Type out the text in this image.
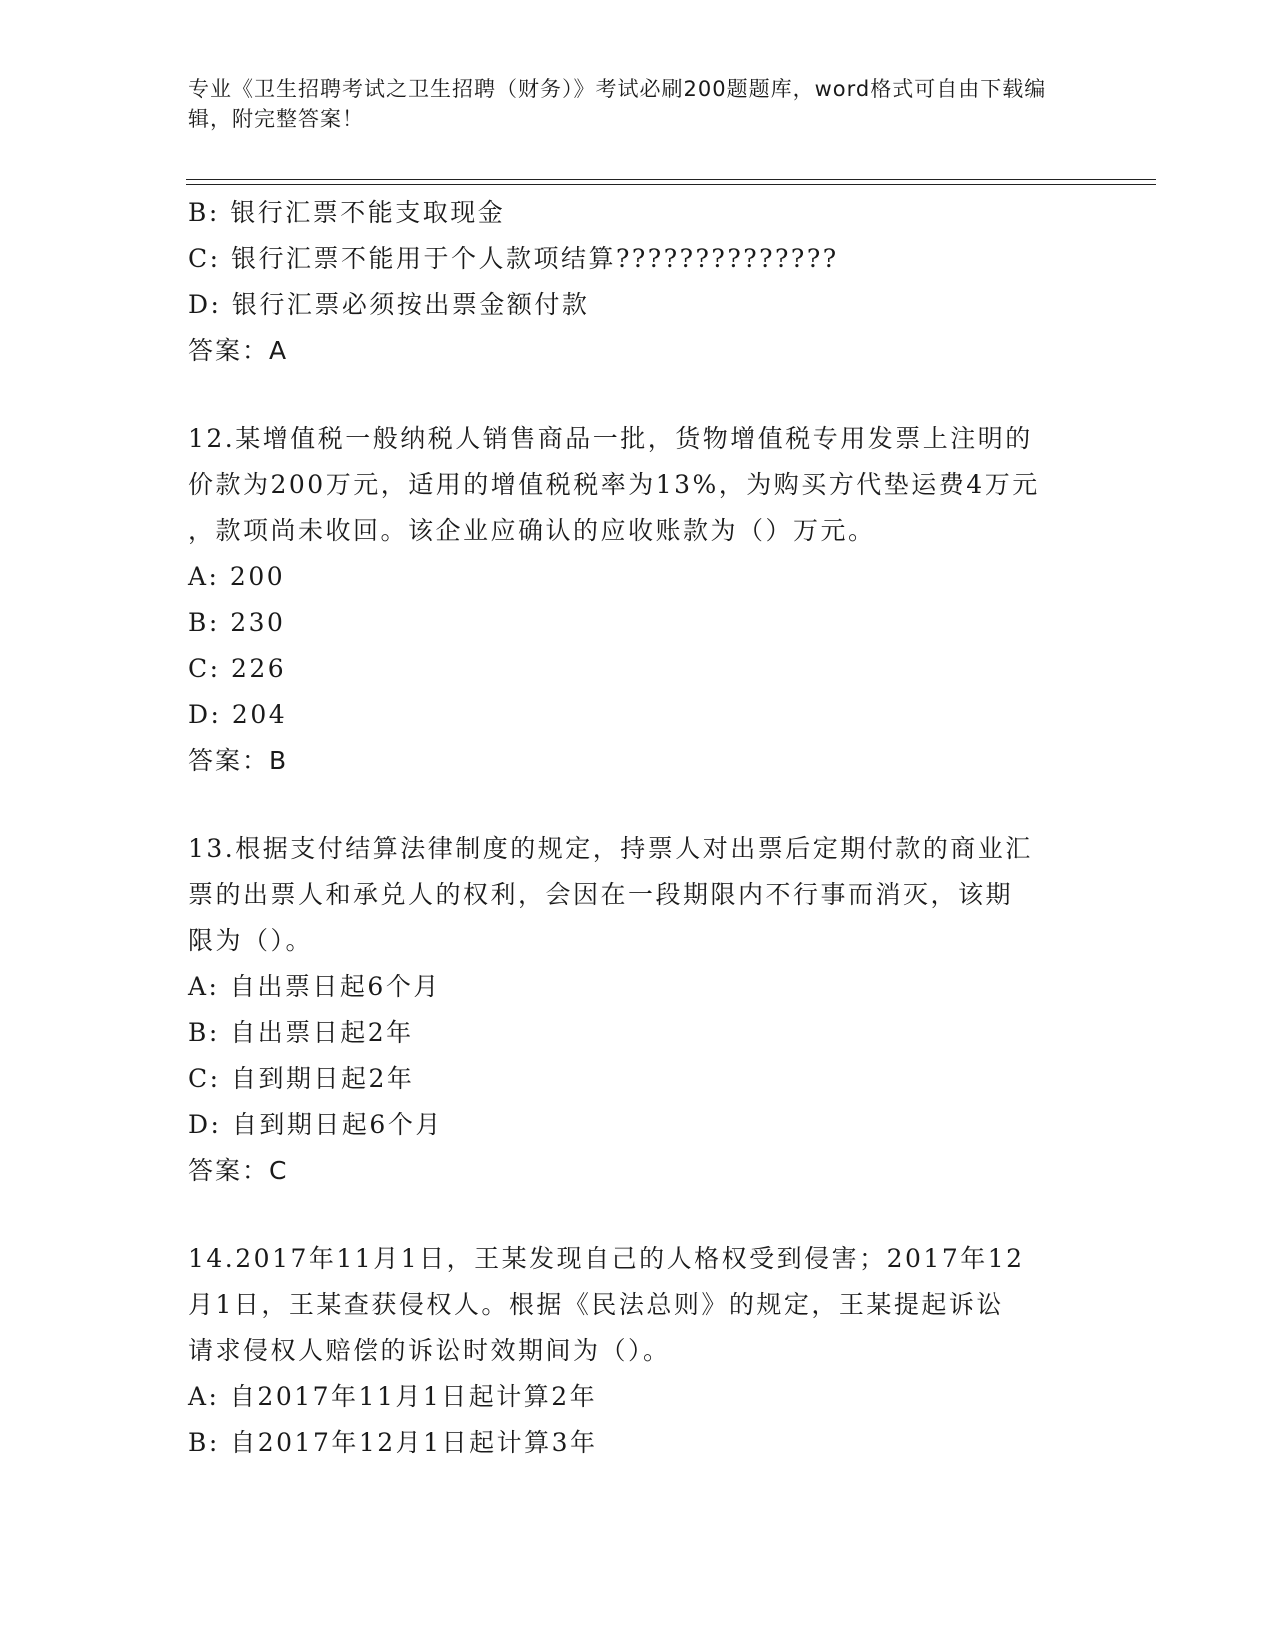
专业《卫生招聘考试之卫生招聘（财务）》考试必刷200题题库，word格式可自由下载编辑，附完整答案！

B: 银行汇票不能支取现金

C: 银行汇票不能用于个人款项结算??????????????

D: 银行汇票必须按出票金额付款

答案：A

12.某增值税一般纳税人销售商品一批，货物增值税专用发票上注明的

价款为200万元，适用的增值税税率为13%，为购买方代垫运费4万元

，款项尚未收回。该企业应确认的应收账款为（）万元。

A: 200

B: 230

C: 226

D: 204

答案：B

13.根据支付结算法律制度的规定，持票人对出票后定期付款的商业汇

票的出票人和承兑人的权利，会因在一段期限内不行事而消灭，该期

限为（）。

A: 自出票日起6个月

B: 自出票日起2年

C: 自到期日起2年

D: 自到期日起6个月

答案：C

14.2017年11月1日，王某发现自己的人格权受到侵害；2017年12

月1日，王某查获侵权人。根据《民法总则》的规定，王某提起诉讼

请求侵权人赔偿的诉讼时效期间为（）。

A: 自2017年11月1日起计算2年

B: 自2017年12月1日起计算3年
